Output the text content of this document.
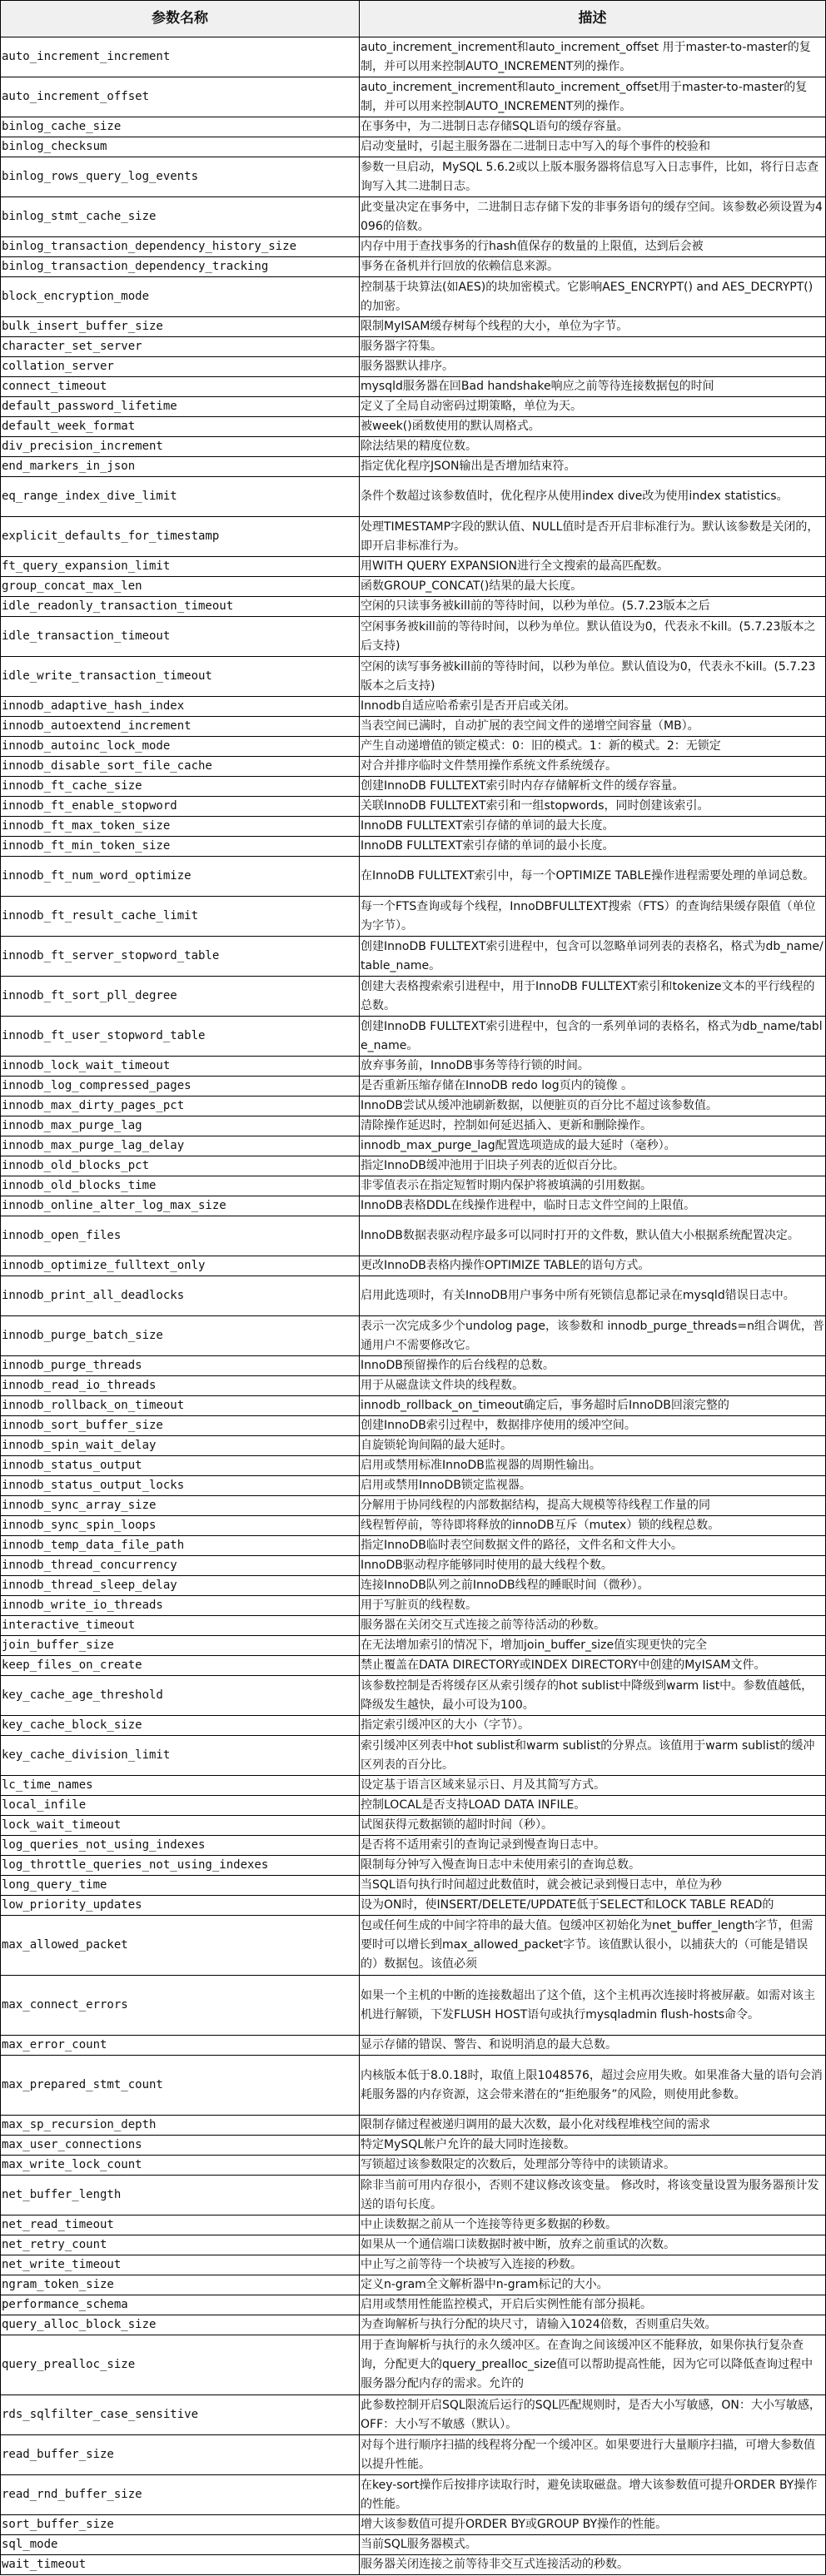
参数名称	描述
auto_increment_increment	auto_increment_increment和auto_increment_offset 用于master-to-master的复制，并可以用来控制AUTO_INCREMENT列的操作。
auto_increment_offset	auto_increment_increment和auto_increment_offset用于master-to-master的复制，并可以用来控制AUTO_INCREMENT列的操作。
binlog_cache_size	在事务中，为二进制日志存储SQL语句的缓存容量。
binlog_checksum	启动变量时，引起主服务器在二进制日志中写入的每个事件的校验和
binlog_rows_query_log_events	参数一旦启动，MySQL 5.6.2或以上版本服务器将信息写入日志事件，比如，将行日志查询写入其二进制日志。
binlog_stmt_cache_size	此变量决定在事务中，二进制日志存储下发的非事务语句的缓存空间。该参数必须设置为4096的倍数。
binlog_transaction_dependency_history_size	内存中用于查找事务的行hash值保存的数量的上限值，达到后会被
binlog_transaction_dependency_tracking	事务在备机并行回放的依赖信息来源。
block_encryption_mode	控制基于块算法(如AES)的块加密模式。它影响AES_ENCRYPT() and AES_DECRYPT()的加密。
bulk_insert_buffer_size	限制MyISAM缓存树每个线程的大小，单位为字节。
character_set_server	服务器字符集。
collation_server	服务器默认排序。
connect_timeout	mysqld服务器在回Bad handshake响应之前等待连接数据包的时间
default_password_lifetime	定义了全局自动密码过期策略，单位为天。
default_week_format	被week()函数使用的默认周格式。
div_precision_increment	除法结果的精度位数。
end_markers_in_json	指定优化程序JSON输出是否增加结束符。
eq_range_index_dive_limit	条件个数超过该参数值时，优化程序从使用index dive改为使用index statistics。
explicit_defaults_for_timestamp	处理TIMESTAMP字段的默认值、NULL值时是否开启非标准行为。默认该参数是关闭的，即开启非标准行为。
ft_query_expansion_limit	用WITH QUERY EXPANSION进行全文搜索的最高匹配数。
group_concat_max_len	函数GROUP_CONCAT()结果的最大长度。
idle_readonly_transaction_timeout	空闲的只读事务被kill前的等待时间，以秒为单位。(5.7.23版本之后
idle_transaction_timeout	空闲事务被kill前的等待时间，以秒为单位。默认值设为0，代表永不kill。(5.7.23版本之后支持)
idle_write_transaction_timeout	空闲的读写事务被kill前的等待时间，以秒为单位。默认值设为0，代表永不kill。(5.7.23版本之后支持)
innodb_adaptive_hash_index	Innodb自适应哈希索引是否开启或关闭。
innodb_autoextend_increment	当表空间已满时，自动扩展的表空间文件的递增空间容量（MB）。
innodb_autoinc_lock_mode	产生自动递增值的锁定模式：0：旧的模式。1：新的模式。2：无锁定
innodb_disable_sort_file_cache	对合并排序临时文件禁用操作系统文件系统缓存。
innodb_ft_cache_size	创建InnoDB FULLTEXT索引时内存存储解析文件的缓存容量。
innodb_ft_enable_stopword	关联InnoDB FULLTEXT索引和一组stopwords，同时创建该索引。
innodb_ft_max_token_size	InnoDB FULLTEXT索引存储的单词的最大长度。
innodb_ft_min_token_size	InnoDB FULLTEXT索引存储的单词的最小长度。
innodb_ft_num_word_optimize	在InnoDB FULLTEXT索引中，每一个OPTIMIZE TABLE操作进程需要处理的单词总数。
innodb_ft_result_cache_limit	每一个FTS查询或每个线程，InnoDBFULLTEXT搜索（FTS）的查询结果缓存限值（单位为字节）。
innodb_ft_server_stopword_table	创建InnoDB FULLTEXT索引进程中，包含可以忽略单词列表的表格名，格式为db_name/table_name。
innodb_ft_sort_pll_degree	创建大表格搜索索引进程中，用于InnoDB FULLTEXT索引和tokenize文本的平行线程的总数。
innodb_ft_user_stopword_table	创建InnoDB FULLTEXT索引进程中，包含的一系列单词的表格名，格式为db_name/table_name。
innodb_lock_wait_timeout	放弃事务前，InnoDB事务等待行锁的时间。
innodb_log_compressed_pages	是否重新压缩存储在InnoDB redo log页内的镜像 。
innodb_max_dirty_pages_pct	InnoDB尝试从缓冲池刷新数据，以便脏页的百分比不超过该参数值。
innodb_max_purge_lag	清除操作延迟时，控制如何延迟插入、更新和删除操作。
innodb_max_purge_lag_delay	innodb_max_purge_lag配置选项造成的最大延时（毫秒）。
innodb_old_blocks_pct	指定InnoDB缓冲池用于旧块子列表的近似百分比。
innodb_old_blocks_time	非零值表示在指定短暂时期内保护将被填满的引用数据。
innodb_online_alter_log_max_size	InnoDB表格DDL在线操作进程中，临时日志文件空间的上限值。
innodb_open_files	InnoDB数据表驱动程序最多可以同时打开的文件数，默认值大小根据系统配置决定。
innodb_optimize_fulltext_only	更改InnoDB表格内操作OPTIMIZE TABLE的语句方式。
innodb_print_all_deadlocks	启用此选项时，有关InnoDB用户事务中所有死锁信息都记录在mysqld错误日志中。
innodb_purge_batch_size	表示一次完成多少个undolog page，该参数和 innodb_purge_threads=n组合调优，普通用户不需要修改它。
innodb_purge_threads	InnoDB预留操作的后台线程的总数。
innodb_read_io_threads	用于从磁盘读文件块的线程数。
innodb_rollback_on_timeout	innodb_rollback_on_timeout确定后，事务超时后InnoDB回滚完整的
innodb_sort_buffer_size	创建InnoDB索引过程中，数据排序使用的缓冲空间。
innodb_spin_wait_delay	自旋锁轮询间隔的最大延时。
innodb_status_output	启用或禁用标准InnoDB监视器的周期性输出。
innodb_status_output_locks	启用或禁用InnoDB锁定监视器。
innodb_sync_array_size	分解用于协同线程的内部数据结构，提高大规模等待线程工作量的同
innodb_sync_spin_loops	线程暂停前，等待即将释放的innoDB互斥（mutex）锁的线程总数。
innodb_temp_data_file_path	指定InnoDB临时表空间数据文件的路径，文件名和文件大小。
innodb_thread_concurrency	InnoDB驱动程序能够同时使用的最大线程个数。
innodb_thread_sleep_delay	连接InnoDB队列之前InnoDB线程的睡眠时间（微秒）。
innodb_write_io_threads	用于写脏页的线程数。
interactive_timeout	服务器在关闭交互式连接之前等待活动的秒数。
join_buffer_size	在无法增加索引的情况下，增加join_buffer_size值实现更快的完全
keep_files_on_create	禁止覆盖在DATA DIRECTORY或INDEX DIRECTORY中创建的MyISAM文件。
key_cache_age_threshold	该参数控制是否将缓存区从索引缓存的hot sublist中降级到warm list中。参数值越低，降级发生越快，最小可设为100。
key_cache_block_size	指定索引缓冲区的大小（字节）。
key_cache_division_limit	索引缓冲区列表中hot sublist和warm sublist的分界点。该值用于warm sublist的缓冲区列表的百分比。
lc_time_names	设定基于语言区域来显示日、月及其简写方式。
local_infile	控制LOCAL是否支持LOAD DATA INFILE。
lock_wait_timeout	试图获得元数据锁的超时时间（秒）。
log_queries_not_using_indexes	是否将不适用索引的查询记录到慢查询日志中。
log_throttle_queries_not_using_indexes	限制每分钟写入慢查询日志中未使用索引的查询总数。
long_query_time	当SQL语句执行时间超过此数值时，就会被记录到慢日志中，单位为秒
low_priority_updates	设为ON时，使INSERT/DELETE/UPDATE低于SELECT和LOCK TABLE READ的
max_allowed_packet	包或任何生成的中间字符串的最大值。包缓冲区初始化为net_buffer_length字节，但需要时可以增长到max_allowed_packet字节。该值默认很小，以捕获大的（可能是错误的）数据包。该值必须
max_connect_errors	如果一个主机的中断的连接数超出了这个值，这个主机再次连接时将被屏蔽。如需对该主机进行解锁，下发FLUSH HOST语句或执行mysqladmin flush-hosts命令。
max_error_count	显示存储的错误、警告、和说明消息的最大总数。
max_prepared_stmt_count	内核版本低于8.0.18时，取值上限1048576，超过会应用失败。如果准备大量的语句会消耗服务器的内存资源，这会带来潜在的“拒绝服务”的风险，则使用此参数。
max_sp_recursion_depth	限制存储过程被递归调用的最大次数，最小化对线程堆栈空间的需求
max_user_connections	特定MySQL帐户允许的最大同时连接数。
max_write_lock_count	写锁超过该参数限定的次数后，处理部分等待中的读锁请求。
net_buffer_length	除非当前可用内存很小，否则不建议修改该变量。 修改时，将该变量设置为服务器预计发送的语句长度。
net_read_timeout	中止读数据之前从一个连接等待更多数据的秒数。
net_retry_count	如果从一个通信端口读数据时被中断，放弃之前重试的次数。
net_write_timeout	中止写之前等待一个块被写入连接的秒数。
ngram_token_size	定义n-gram全文解析器中n-gram标记的大小。
performance_schema	启用或禁用性能监控模式，开启后实例性能有部分损耗。
query_alloc_block_size	为查询解析与执行分配的块尺寸，请输入1024倍数，否则重启失效。
query_prealloc_size	用于查询解析与执行的永久缓冲区。在查询之间该缓冲区不能释放，如果你执行复杂查询，分配更大的query_prealloc_size值可以帮助提高性能，因为它可以降低查询过程中服务器分配内存的需求。允许的
rds_sqlfilter_case_sensitive	此参数控制开启SQL限流后运行的SQL匹配规则时，是否大小写敏感，ON：大小写敏感，OFF：大小写不敏感（默认）。
read_buffer_size	对每个进行顺序扫描的线程将分配一个缓冲区。如果要进行大量顺序扫描，可增大参数值以提升性能。
read_rnd_buffer_size	在key-sort操作后按排序读取行时，避免读取磁盘。增大该参数值可提升ORDER BY操作的性能。
sort_buffer_size	增大该参数值可提升ORDER BY或GROUP BY操作的性能。
sql_mode	当前SQL服务器模式。
wait_timeout	服务器关闭连接之前等待非交互式连接活动的秒数。
